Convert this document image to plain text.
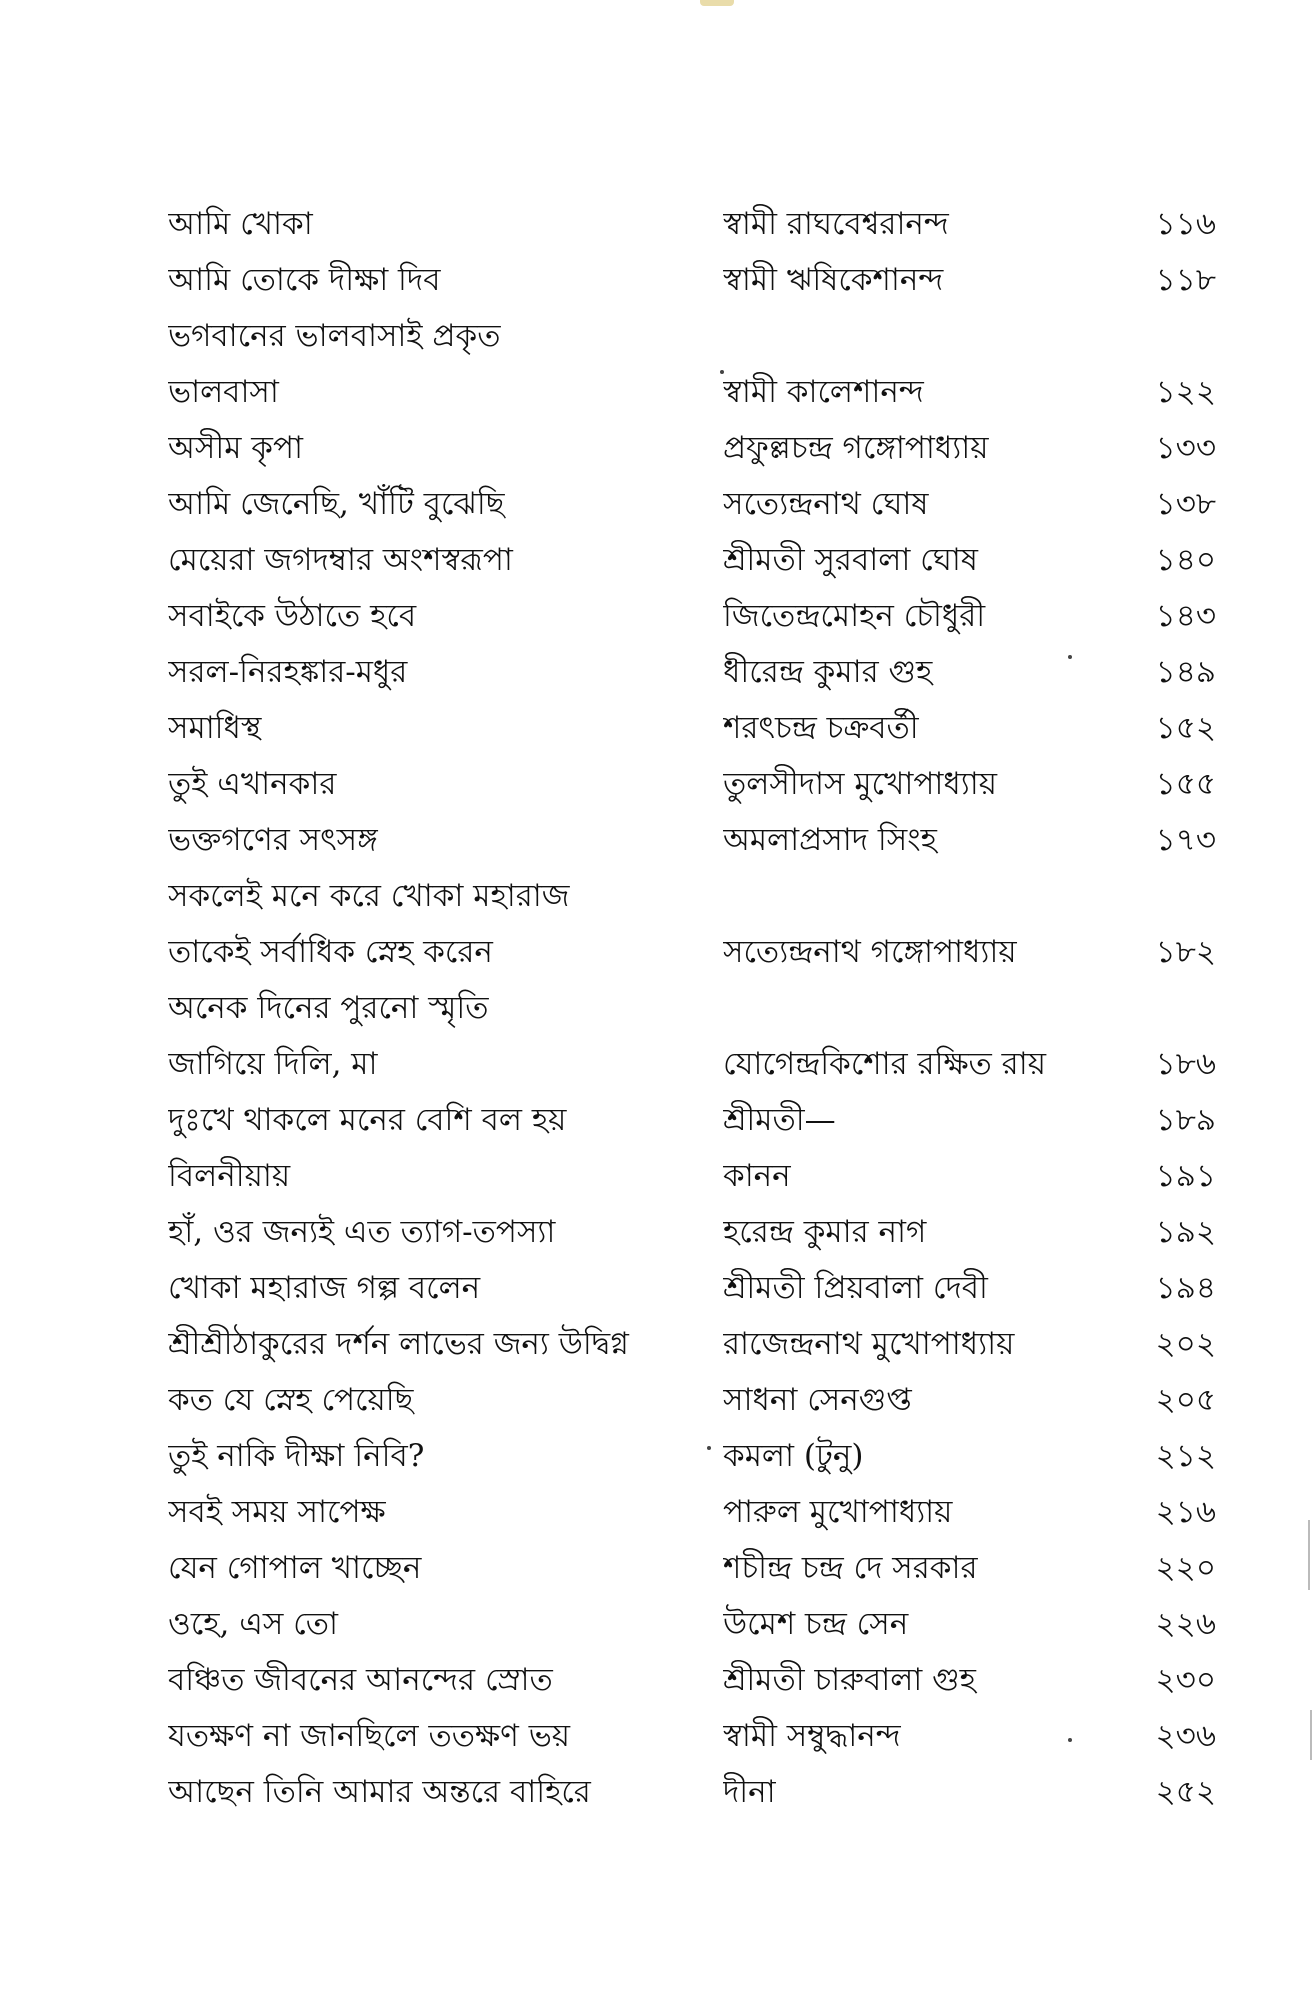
আমি খোকা	স্বামী রাঘবেশ্বরানন্দ	১১৬
আমি তোকে দীক্ষা দিব	স্বামী ঋষিকেশানন্দ	১১৮
ভগবানের ভালবাসাই প্রকৃত
ভালবাসা	স্বামী কালেশানন্দ	১২২
অসীম কৃপা	প্রফুল্লচন্দ্র গঙ্গোপাধ্যায়	১৩৩
আমি জেনেছি, খাঁটি বুঝেছি	সত্যেন্দ্রনাথ ঘোষ	১৩৮
মেয়েরা জগদম্বার অংশস্বরূপা	শ্রীমতী সুরবালা ঘোষ	১৪০
সবাইকে উঠাতে হবে	জিতেন্দ্রমোহন চৌধুরী	১৪৩
সরল-নিরহঙ্কার-মধুর	ধীরেন্দ্র কুমার গুহ	১৪৯
সমাধিস্থ	শরৎচন্দ্র চক্রবর্তী	১৫২
তুই এখানকার	তুলসীদাস মুখোপাধ্যায়	১৫৫
ভক্তগণের সৎসঙ্গ	অমলাপ্রসাদ সিংহ	১৭৩
সকলেই মনে করে খোকা মহারাজ
তাকেই সর্বাধিক স্নেহ করেন	সত্যেন্দ্রনাথ গঙ্গোপাধ্যায়	১৮২
অনেক দিনের পুরনো স্মৃতি
জাগিয়ে দিলি, মা	যোগেন্দ্রকিশোর রক্ষিত রায়	১৮৬
দুঃখে থাকলে মনের বেশি বল হয়	শ্রীমতী—	১৮৯
বিলনীয়ায়	কানন	১৯১
হাঁ, ওর জন্যই এত ত্যাগ-তপস্যা	হরেন্দ্র কুমার নাগ	১৯২
খোকা মহারাজ গল্প বলেন	শ্রীমতী প্রিয়বালা দেবী	১৯৪
শ্রীশ্রীঠাকুরের দর্শন লাভের জন্য উদ্বিগ্ন	রাজেন্দ্রনাথ মুখোপাধ্যায়	২০২
কত যে স্নেহ পেয়েছি	সাধনা সেনগুপ্ত	২০৫
তুই নাকি দীক্ষা নিবি?	কমলা (টুনু)	২১২
সবই সময় সাপেক্ষ	পারুল মুখোপাধ্যায়	২১৬
যেন গোপাল খাচ্ছেন	শচীন্দ্র চন্দ্র দে সরকার	২২০
ওহে, এস তো	উমেশ চন্দ্র সেন	২২৬
বঞ্চিত জীবনের আনন্দের স্রোত	শ্রীমতী চারুবালা গুহ	২৩০
যতক্ষণ না জানছিলে ততক্ষণ ভয়	স্বামী সম্বুদ্ধানন্দ	২৩৬
আছেন তিনি আমার অন্তরে বাহিরে	দীনা	২৫২
